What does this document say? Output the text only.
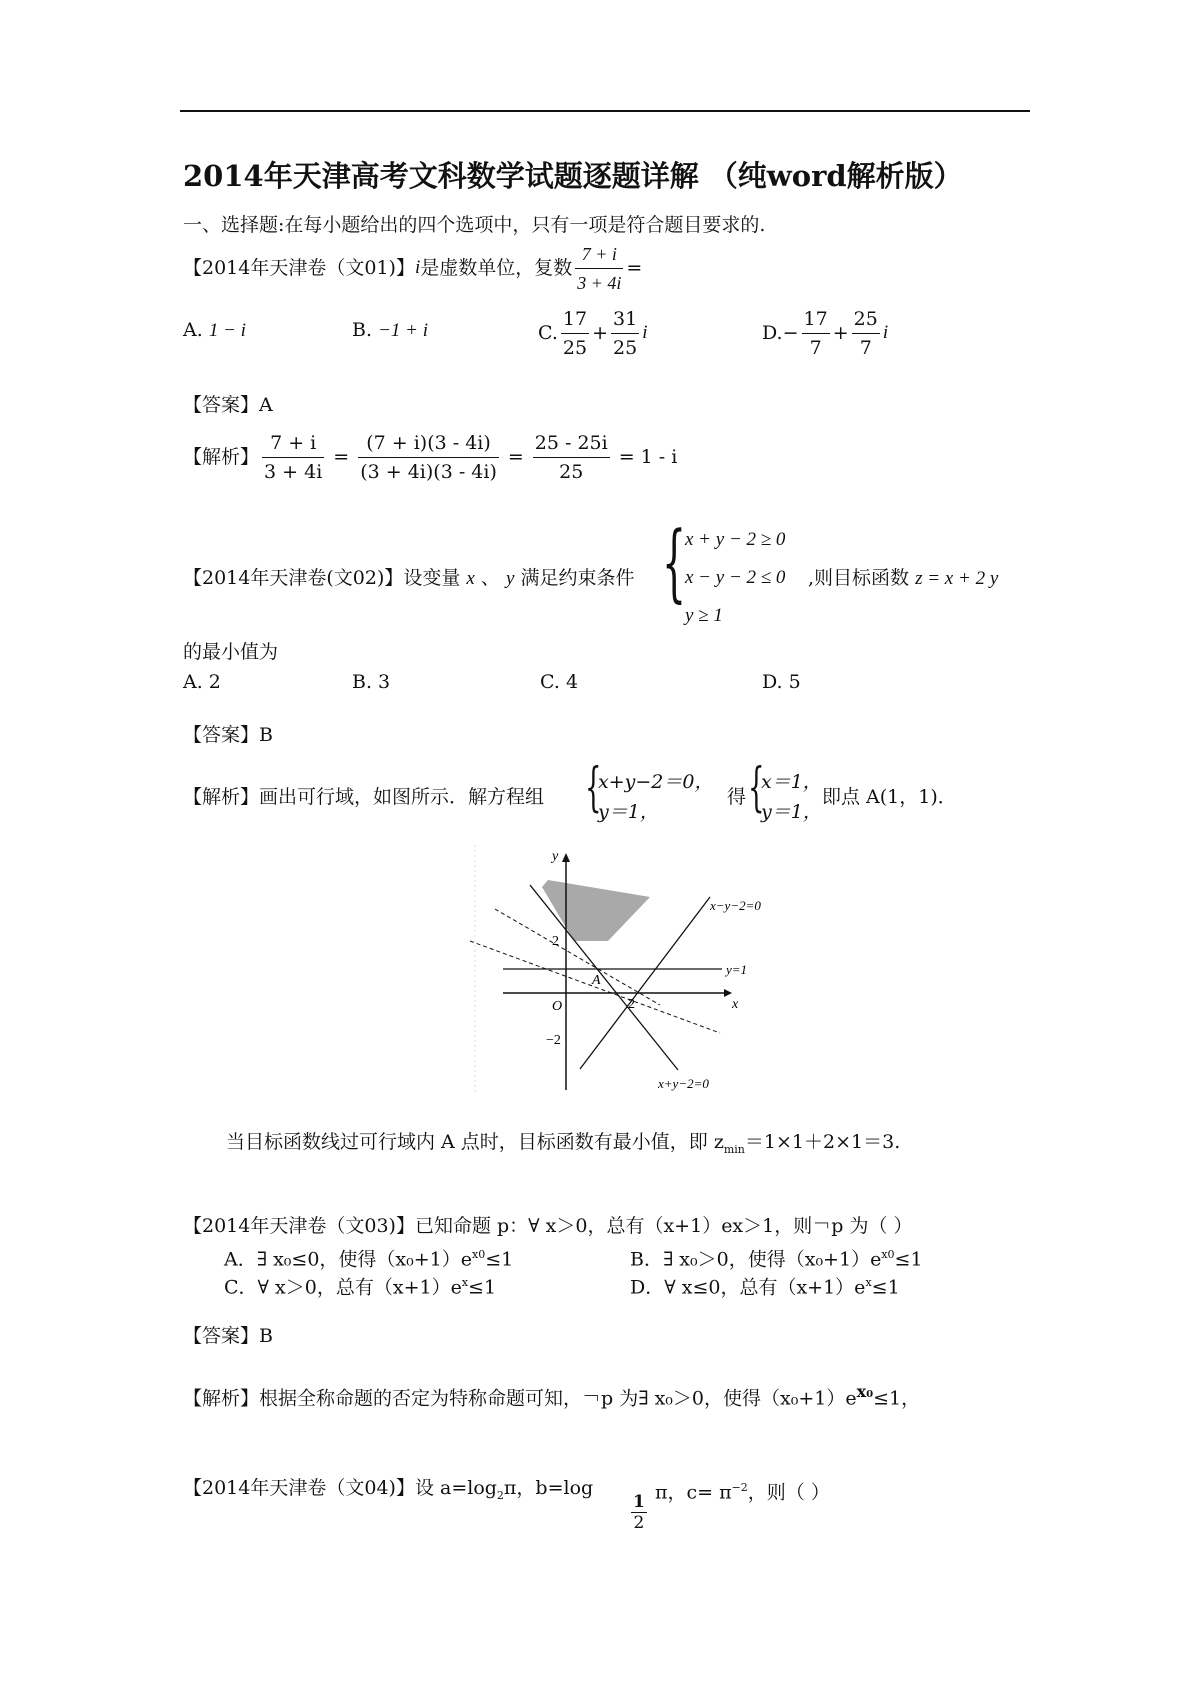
2014年天津高考文科数学试题逐题详解 （纯word解析版）
一、选择题:在每小题给出的四个选项中，只有一项是符合题目要求的.
【2014年天津卷（文01)】 i 是虚数单位，复数 $\frac{7 + i}{3 + 4i}$ =
A. 1 − i	B. −1 + i	C. $\frac{17}{25} + \frac{31}{25}$ i	D. − $\frac{17}{7} + \frac{25}{7}$ i
【答案】A
【解析】 $\frac{7 + i}{3 + 4i} = \frac{(7 + i)(3 - 4i)}{(3 + 4i)(3 - 4i)} = \frac{25 - 25i}{25} = 1 - i$
【2014年天津卷(文02)】设变量 x 、 y 满足约束条件 {
x + y − 2 ≥ 0
x − y − 2 ≤ 0
y ≥ 1
,则目标函数 z = x + 2 y
的最小值为
A. 2	B. 3	C. 4	D. 5
【答案】B
【解析】画出可行域，如图所示．解方程组 {
x+y−2＝0，
y＝1，
得 {
x＝1，
y＝1，
即点 A(1，1)．
y
x
O
2
2
−2
A
x−y−2=0
y=1
x+y−2=0
当目标函数线过可行域内 A 点时，目标函数有最小值，即 $z_{min}=1\times 1+2\times 1=3$.
【2014年天津卷（文03)】已知命题 p：∀ x＞0，总有（x+1）ex＞1，则￢p 为（ ）
A．∃ x₀≤0，使得$(x_0+1)e^{x0}\le 1$	B．∃ x₀＞0，使得$(x_0+1)e^{x0}\le 1$
C．∀ x＞0，总有$(x+1)e^x\le 1$	D．∀ x≤0，总有$(x+1)e^x\le 1$
【答案】B
【解析】根据全称命题的否定为特称命题可知，￢p 为∃ x₀＞0，使得$(x_0+1)e^{x_0}\le 1$，
【2014年天津卷（文04)】设 $a=\log_2\pi$，b=log
$\frac{1}{2}$ π，$c= \pi^{-2}$，则（ ）
